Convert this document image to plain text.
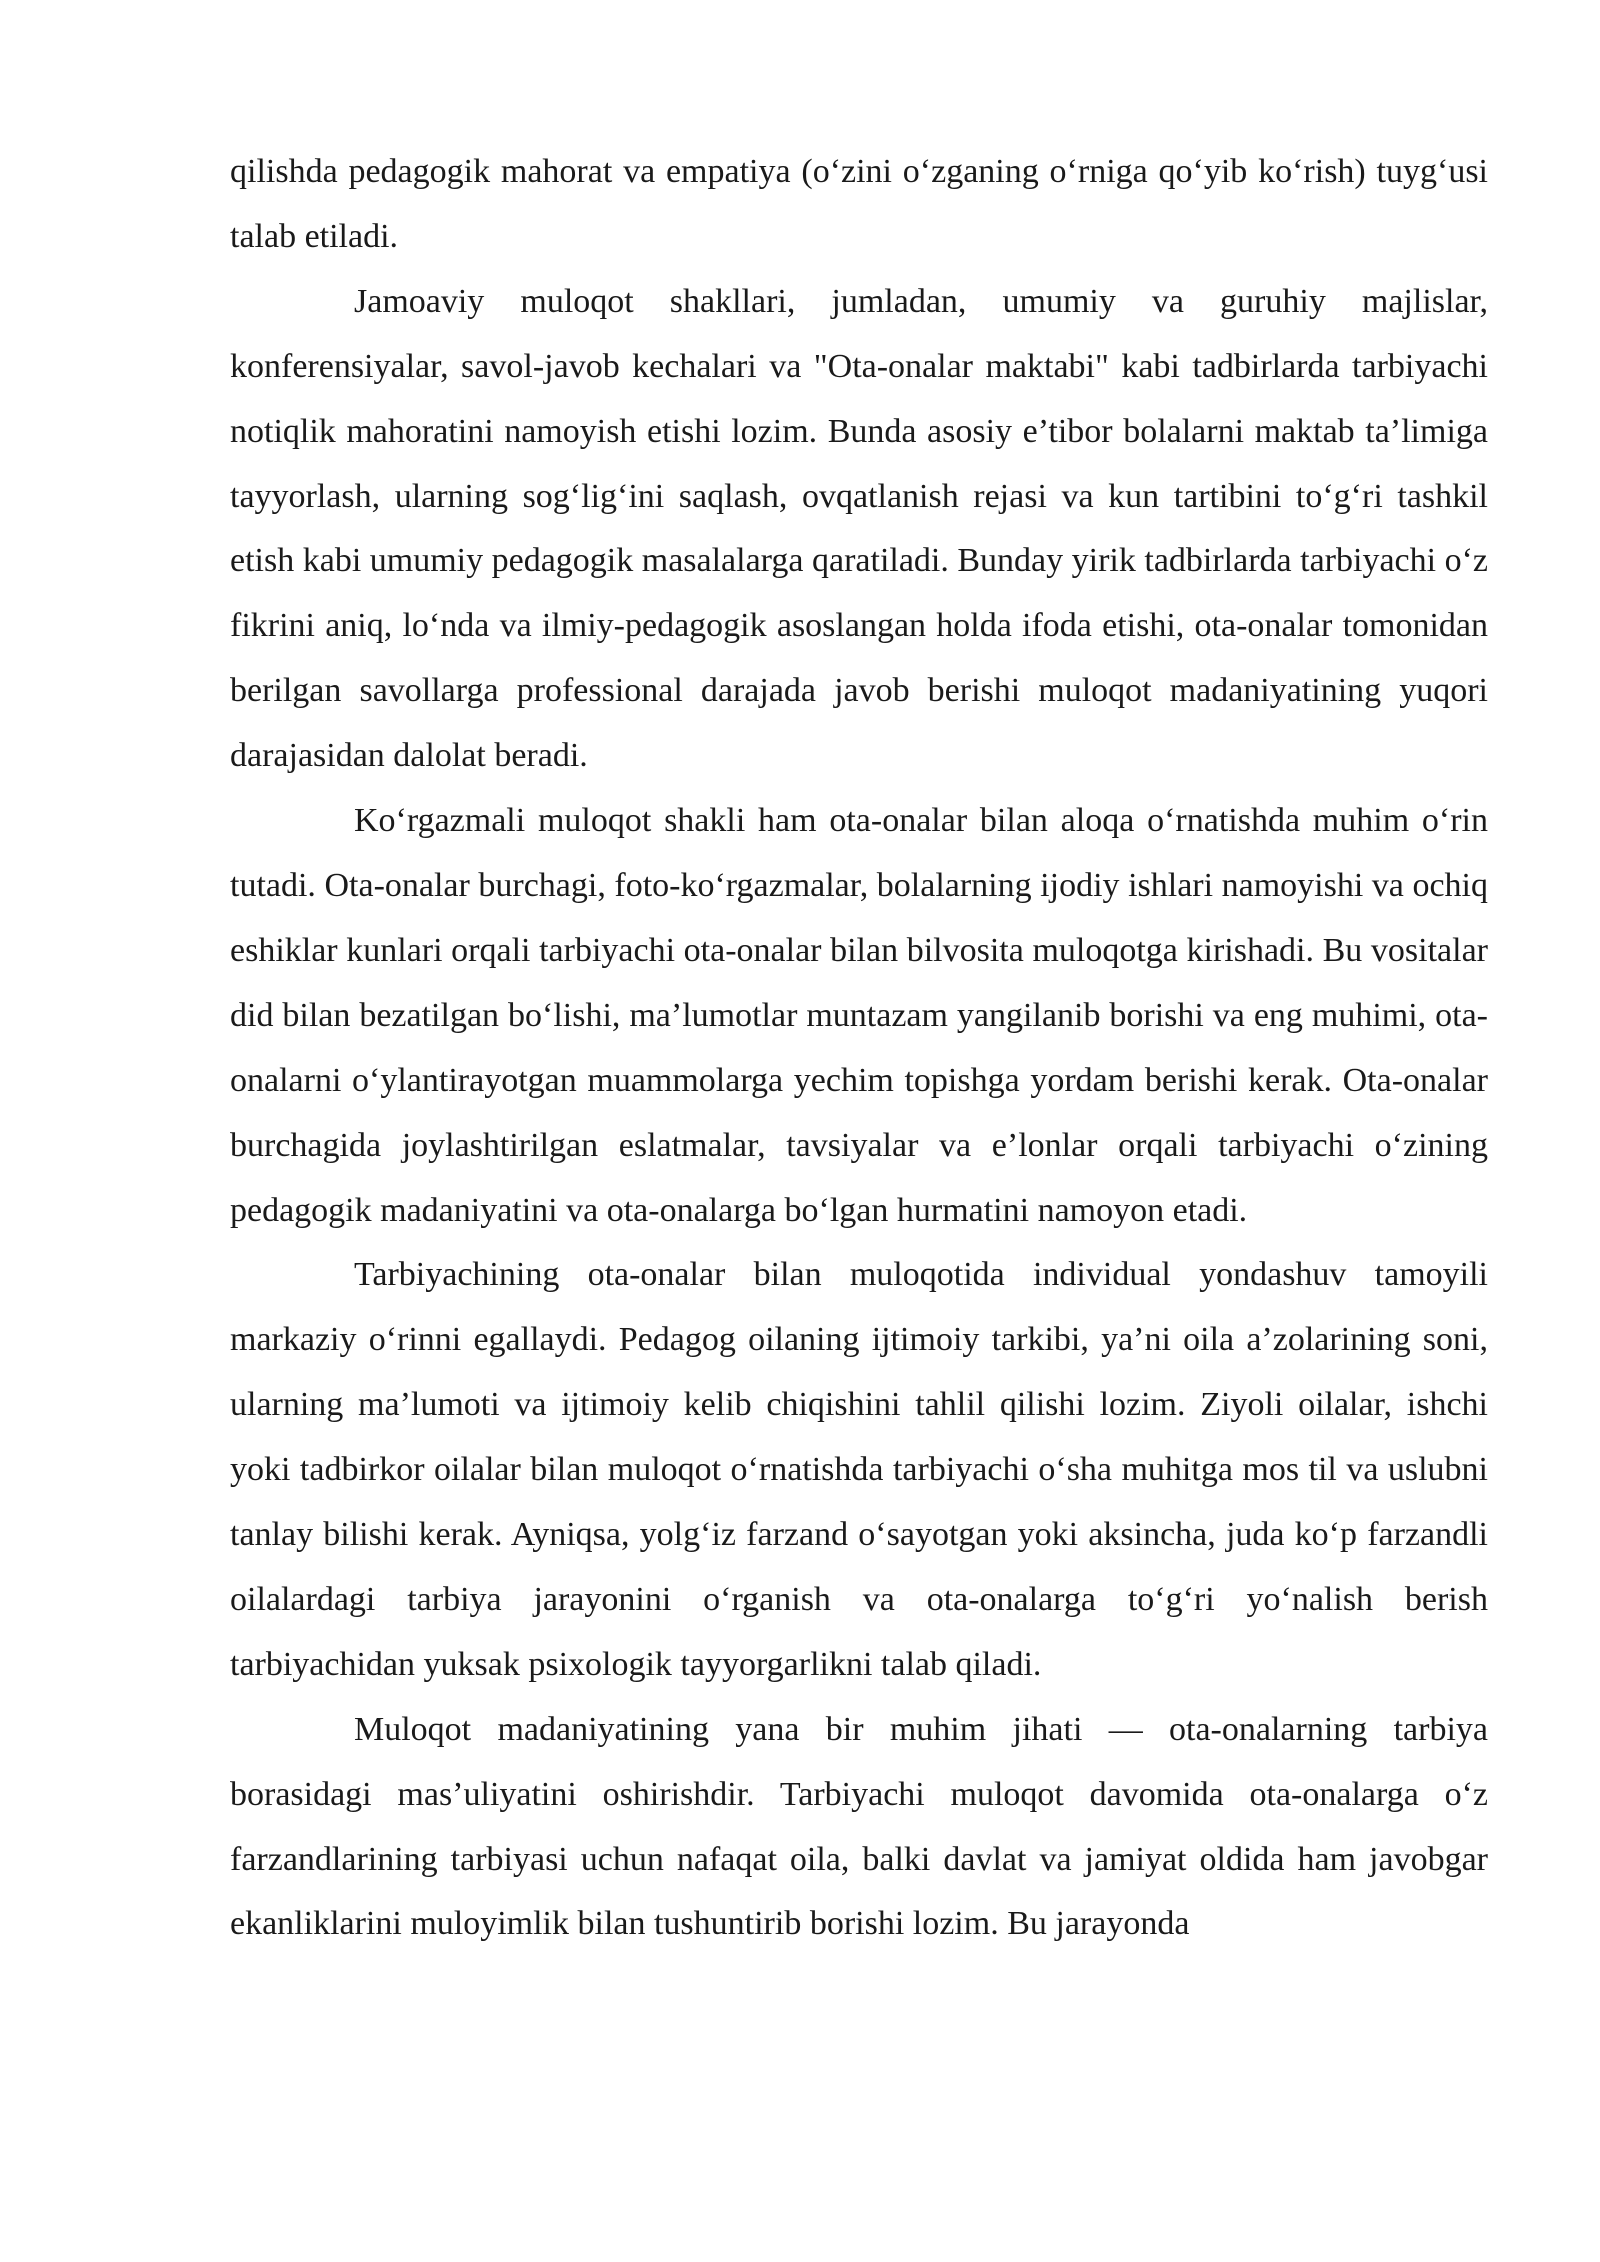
qilishda pedagogik mahorat va empatiya (o‘zini o‘zganing o‘rniga qo‘yib ko‘rish) tuyg‘usi talab etiladi.

Jamoaviy muloqot shakllari, jumladan, umumiy va guruhiy majlislar, konferensiyalar, savol-javob kechalari va "Ota-onalar maktabi" kabi tadbirlarda tarbiyachi notiqlik mahoratini namoyish etishi lozim. Bunda asosiy e’tibor bolalarni maktab ta’limiga tayyorlash, ularning sog‘lig‘ini saqlash, ovqatlanish rejasi va kun tartibini to‘g‘ri tashkil etish kabi umumiy pedagogik masalalarga qaratiladi. Bunday yirik tadbirlarda tarbiyachi o‘z fikrini aniq, lo‘nda va ilmiy-pedagogik asoslangan holda ifoda etishi, ota-onalar tomonidan berilgan savollarga professional darajada javob berishi muloqot madaniyatining yuqori darajasidan dalolat beradi.

Ko‘rgazmali muloqot shakli ham ota-onalar bilan aloqa o‘rnatishda muhim o‘rin tutadi. Ota-onalar burchagi, foto-ko‘rgazmalar, bolalarning ijodiy ishlari namoyishi va ochiq eshiklar kunlari orqali tarbiyachi ota-onalar bilan bilvosita muloqotga kirishadi. Bu vositalar did bilan bezatilgan bo‘lishi, ma’lumotlar muntazam yangilanib borishi va eng muhimi, ota-onalarni o‘ylantirayotgan muammolarga yechim topishga yordam berishi kerak. Ota-onalar burchagida joylashtirilgan eslatmalar, tavsiyalar va e’lonlar orqali tarbiyachi o‘zining pedagogik madaniyatini va ota-onalarga bo‘lgan hurmatini namoyon etadi.

Tarbiyachining ota-onalar bilan muloqotida individual yondashuv tamoyili markaziy o‘rinni egallaydi. Pedagog oilaning ijtimoiy tarkibi, ya’ni oila a’zolarining soni, ularning ma’lumoti va ijtimoiy kelib chiqishini tahlil qilishi lozim. Ziyoli oilalar, ishchi yoki tadbirkor oilalar bilan muloqot o‘rnatishda tarbiyachi o‘sha muhitga mos til va uslubni tanlay bilishi kerak. Ayniqsa, yolg‘iz farzand o‘sayotgan yoki aksincha, juda ko‘p farzandli oilalardagi tarbiya jarayonini o‘rganish va ota-onalarga to‘g‘ri yo‘nalish berish tarbiyachidan yuksak psixologik tayyorgarlikni talab qiladi.

Muloqot madaniyatining yana bir muhim jihati — ota-onalarning tarbiya borasidagi mas’uliyatini oshirishdir. Tarbiyachi muloqot davomida ota-onalarga o‘z farzandlarining tarbiyasi uchun nafaqat oila, balki davlat va jamiyat oldida ham javobgar ekanliklarini muloyimlik bilan tushuntirib borishi lozim. Bu jarayonda
